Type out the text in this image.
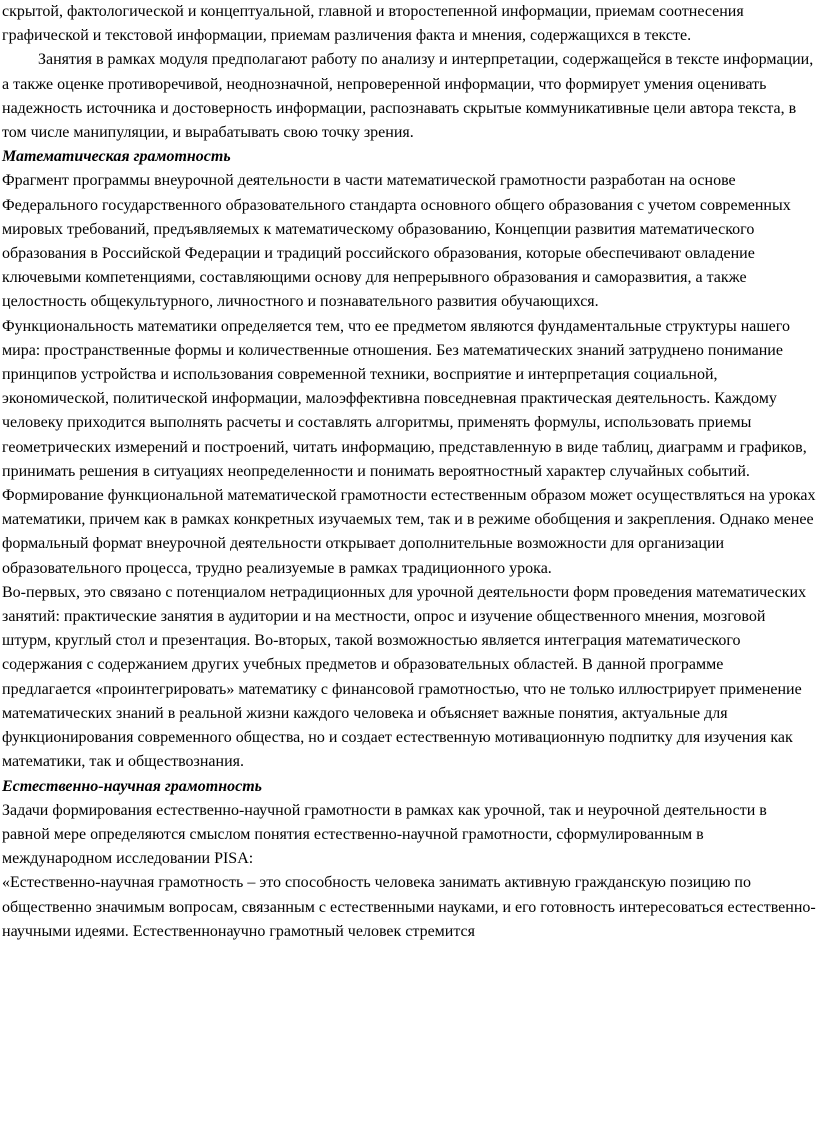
скрытой, фактологической и концептуальной, главной и второстепенной информации, приемам соотнесения графической и текстовой информации, приемам различения факта и мнения, содержащихся в тексте.

Занятия в рамках модуля предполагают работу по анализу и интерпретации, содержащейся в тексте информации, а также оценке противоречивой, неоднозначной, непроверенной информации, что формирует умения оценивать надежность источника и достоверность информации, распознавать скрытые коммуникативные цели автора текста, в том числе манипуляции, и вырабатывать свою точку зрения.

Математическая грамотность

Фрагмент программы внеурочной деятельности в части математической грамотности разработан на основе Федерального государственного образовательного стандарта основного общего образования с учетом современных мировых требований, предъявляемых к математическому образованию, Концепции развития математического образования в Российской Федерации и традиций российского образования, которые обеспечивают овладение ключевыми компетенциями, составляющими основу для непрерывного образования и саморазвития, а также целостность общекультурного, личностного и познавательного развития обучающихся.

Функциональность математики определяется тем, что ее предметом являются фундаментальные структуры нашего мира: пространственные формы и количественные отношения. Без математических знаний затруднено понимание принципов устройства и использования современной техники, восприятие и интерпретация социальной, экономической, политической информации, малоэффективна повседневная практическая деятельность. Каждому человеку приходится выполнять расчеты и составлять алгоритмы, применять формулы, использовать приемы геометрических измерений и построений, читать информацию, представленную в виде таблиц, диаграмм и графиков, принимать решения в ситуациях неопределенности и понимать вероятностный характер случайных событий.

Формирование функциональной математической грамотности естественным образом может осуществляться на уроках математики, причем как в рамках конкретных изучаемых тем, так и в режиме обобщения и закрепления. Однако менее формальный формат внеурочной деятельности открывает дополнительные возможности для организации образовательного процесса, трудно реализуемые в рамках традиционного урока.

Во-первых, это связано с потенциалом нетрадиционных для урочной деятельности форм проведения математических занятий: практические занятия в аудитории и на местности, опрос и изучение общественного мнения, мозговой штурм, круглый стол и презентация. Во-вторых, такой возможностью является интеграция математического содержания с содержанием других учебных предметов и образовательных областей. В данной программе предлагается «проинтегрировать» математику с финансовой грамотностью, что не только иллюстрирует применение математических знаний в реальной жизни каждого человека и объясняет важные понятия, актуальные для функционирования современного общества, но и создает естественную мотивационную подпитку для изучения как математики, так и обществознания.

Естественно-научная грамотность

Задачи формирования естественно-научной грамотности в рамках как урочной, так и неурочной деятельности в равной мере определяются смыслом понятия естественно-научной грамотности, сформулированным в международном исследовании PISA:

«Естественно-научная грамотность – это способность человека занимать активную гражданскую позицию по общественно значимым вопросам, связанным с естественными науками, и его готовность интересоваться естественно-научными идеями. Естественнонаучно грамотный человек стремится
